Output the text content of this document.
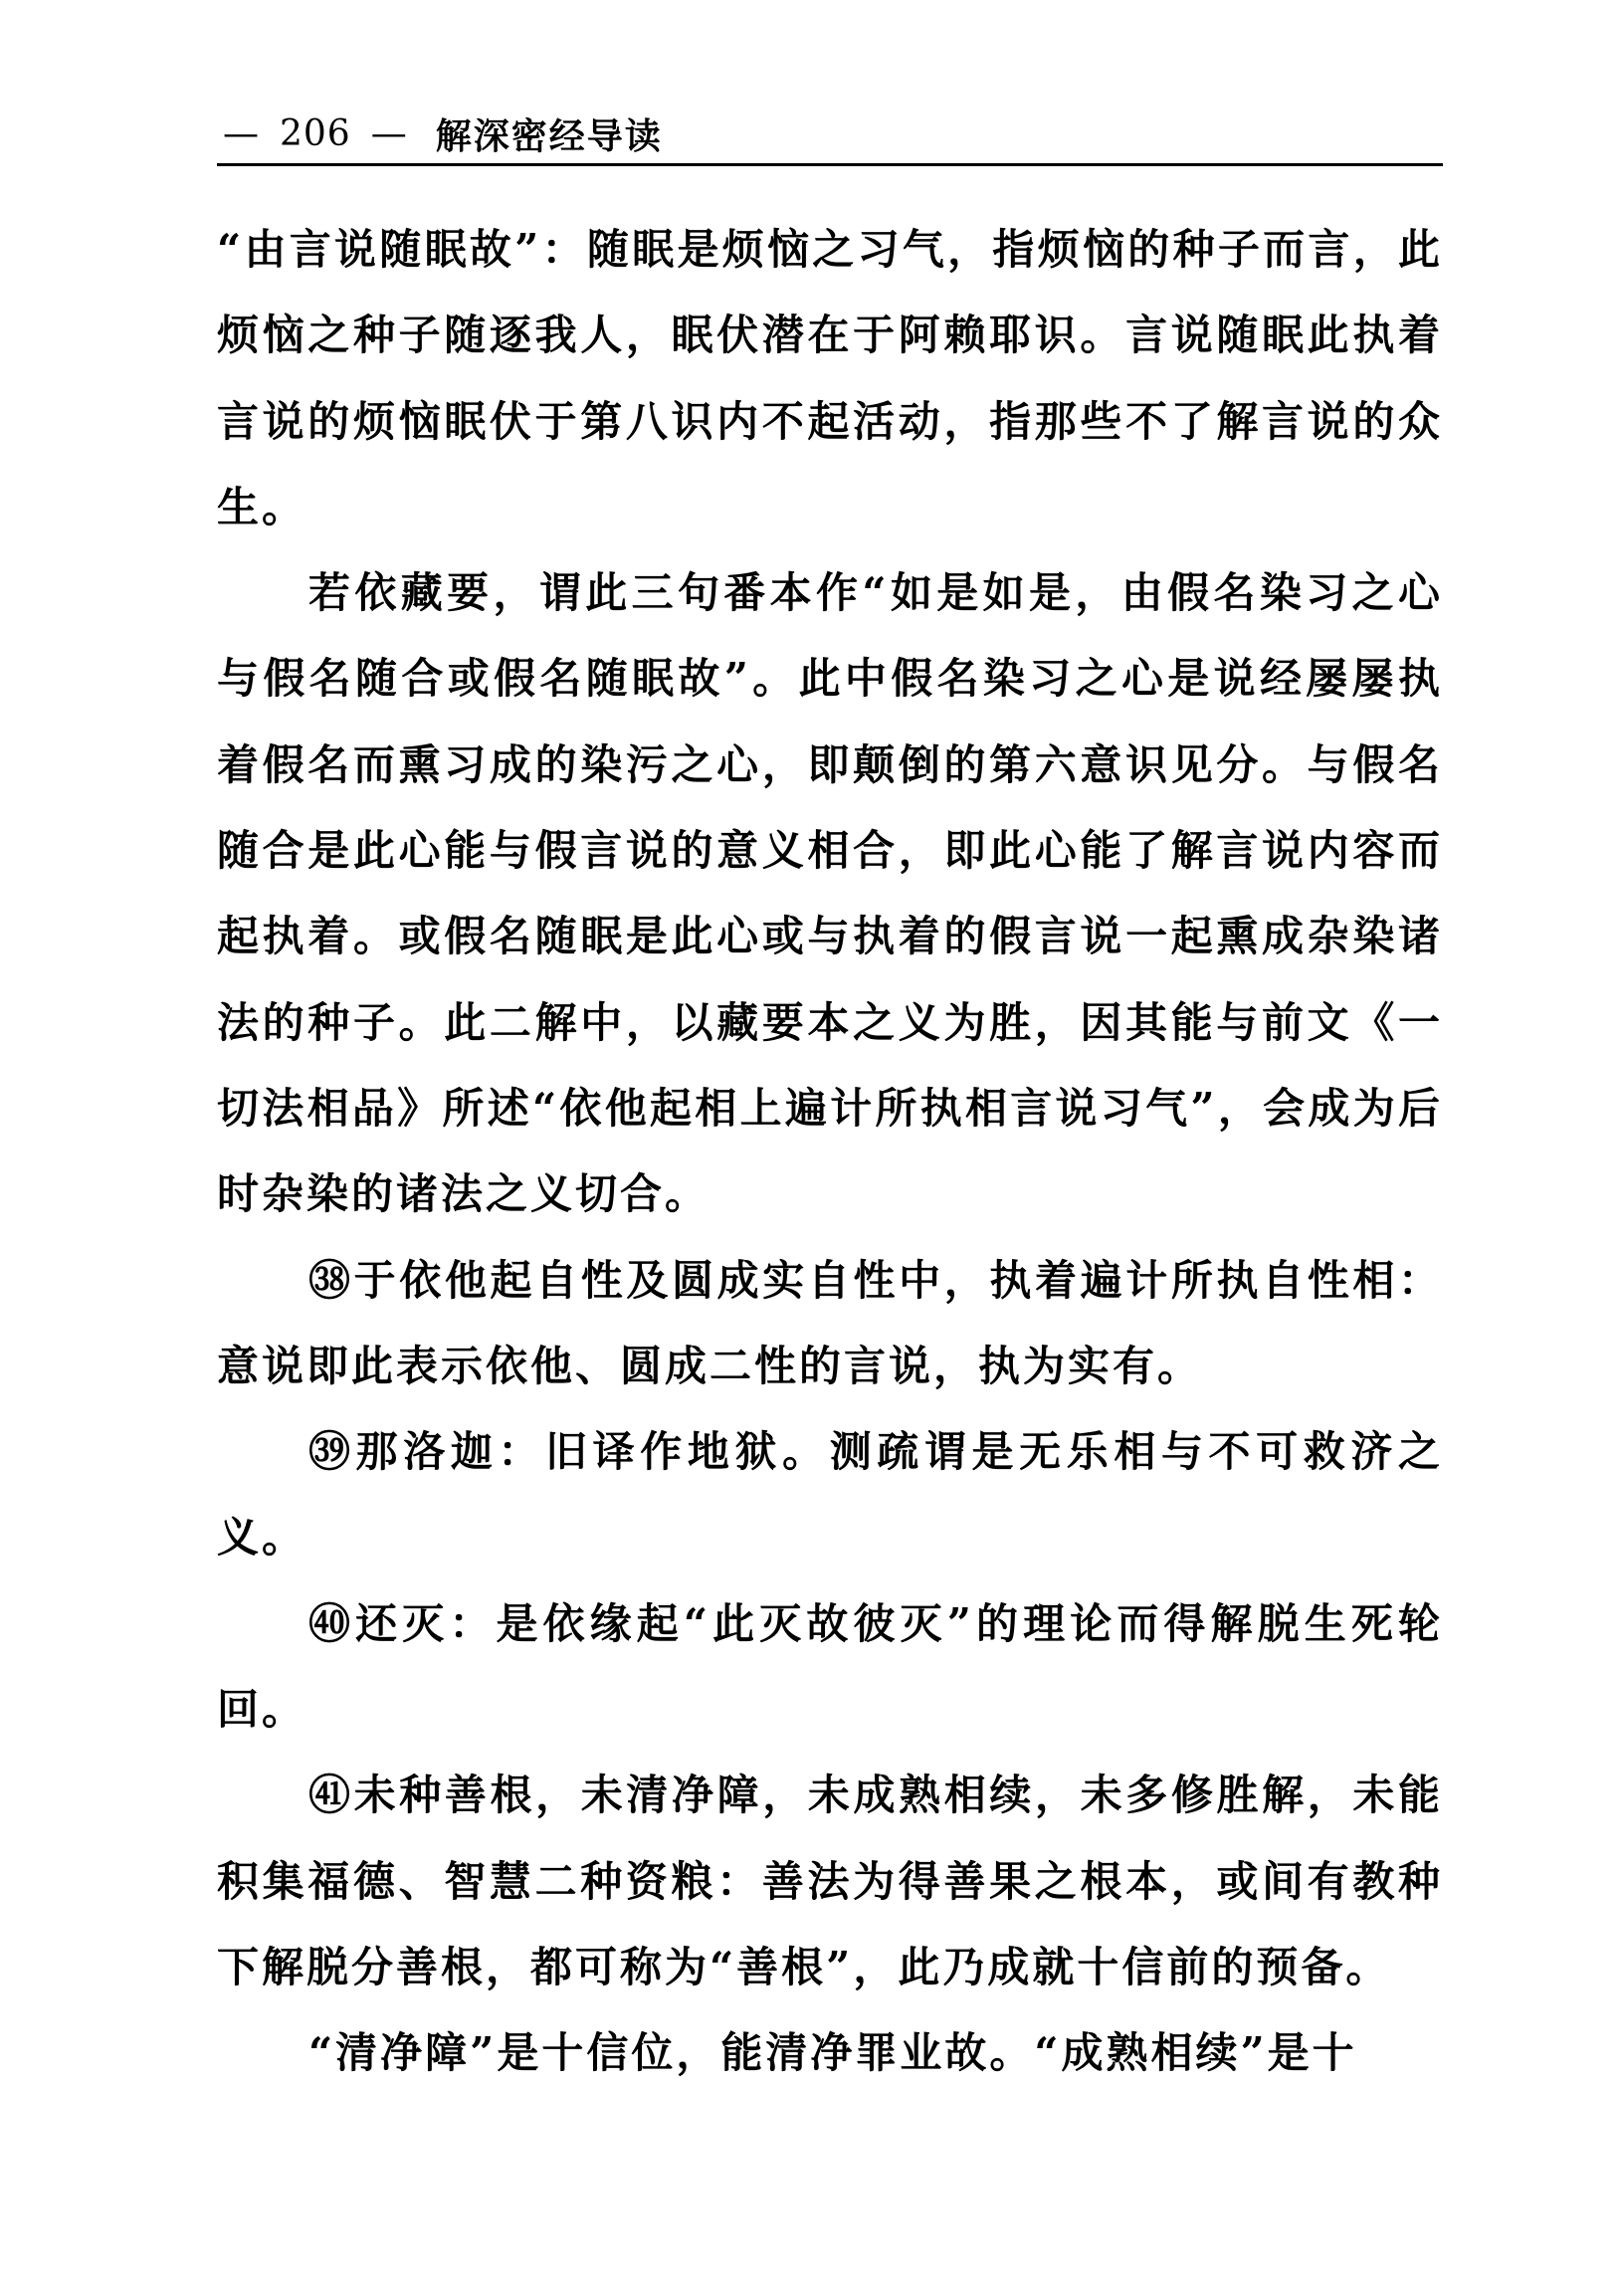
— 206 — 解深密经导读

“由言说随眠故”：随眠是烦恼之习气，指烦恼的种子而言，此烦恼之种子随逐我人，眠伏潜在于阿赖耶识。言说随眠此执着言说的烦恼眠伏于第八识内不起活动，指那些不了解言说的众生。

若依藏要，谓此三句番本作“如是如是，由假名染习之心与假名随合或假名随眠故”。此中假名染习之心是说经屡屡执着假名而熏习成的染污之心，即颠倒的第六意识见分。与假名随合是此心能与假言说的意义相合，即此心能了解言说内容而起执着。或假名随眠是此心或与执着的假言说一起熏成杂染诸法的种子。此二解中，以藏要本之义为胜，因其能与前文《一切法相品》所述“依他起相上遍计所执相言说习气”，会成为后时杂染的诸法之义切合。

㊳于依他起自性及圆成实自性中，执着遍计所执自性相：意说即此表示依他、圆成二性的言说，执为实有。

㊴那洛迦：旧译作地狱。测疏谓是无乐相与不可救济之义。

㊵还灭：是依缘起“此灭故彼灭”的理论而得解脱生死轮回。

㊶未种善根，未清净障，未成熟相续，未多修胜解，未能积集福德、智慧二种资粮：善法为得善果之根本，或间有教种下解脱分善根，都可称为“善根”，此乃成就十信前的预备。

“清净障”是十信位，能清净罪业故。“成熟相续”是十
